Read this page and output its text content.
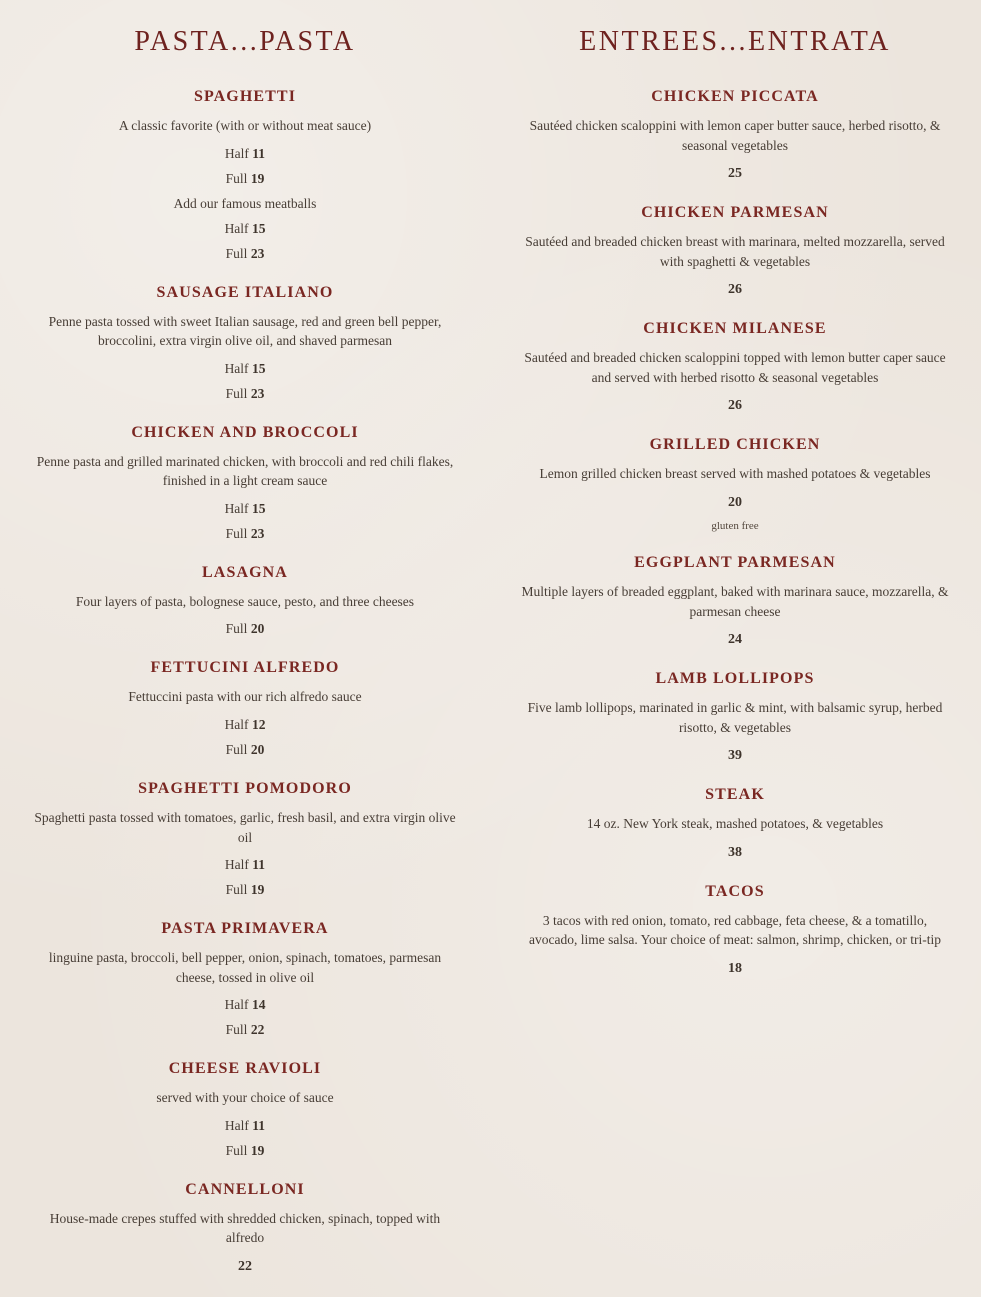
PASTA...PASTA
SPAGHETTI
A classic favorite (with or without meat sauce)
Half 11
Full 19
Add our famous meatballs
Half 15
Full 23
SAUSAGE ITALIANO
Penne pasta tossed with sweet Italian sausage, red and green bell pepper, broccolini, extra virgin olive oil, and shaved parmesan
Half 15
Full 23
CHICKEN AND BROCCOLI
Penne pasta and grilled marinated chicken, with broccoli and red chili flakes, finished in a light cream sauce
Half 15
Full 23
LASAGNA
Four layers of pasta, bolognese sauce, pesto, and three cheeses
Full 20
FETTUCINI ALFREDO
Fettuccini pasta with our rich alfredo sauce
Half 12
Full 20
SPAGHETTI POMODORO
Spaghetti pasta tossed with tomatoes, garlic, fresh basil, and extra virgin olive oil
Half 11
Full 19
PASTA PRIMAVERA
linguine pasta, broccoli, bell pepper, onion, spinach, tomatoes, parmesan cheese, tossed in olive oil
Half 14
Full 22
CHEESE RAVIOLI
served with your choice of sauce
Half 11
Full 19
CANNELLONI
House-made crepes stuffed with shredded chicken, spinach, topped with alfredo
22
ENTREES...ENTRATA
CHICKEN PICCATA
Sautéed chicken scaloppini with lemon caper butter sauce, herbed risotto, & seasonal vegetables
25
CHICKEN PARMESAN
Sautéed and breaded chicken breast with marinara, melted mozzarella, served with spaghetti & vegetables
26
CHICKEN MILANESE
Sautéed and breaded chicken scaloppini topped with lemon butter caper sauce and served with herbed risotto & seasonal vegetables
26
GRILLED CHICKEN
Lemon grilled chicken breast served with mashed potatoes & vegetables
20
gluten free
EGGPLANT PARMESAN
Multiple layers of breaded eggplant, baked with marinara sauce, mozzarella, & parmesan cheese
24
LAMB LOLLIPOPS
Five lamb lollipops, marinated in garlic & mint, with balsamic syrup, herbed risotto, & vegetables
39
STEAK
14 oz. New York steak, mashed potatoes, & vegetables
38
TACOS
3 tacos with red onion, tomato, red cabbage, feta cheese, & a tomatillo, avocado, lime salsa. Your choice of meat: salmon, shrimp, chicken, or tri-tip
18
